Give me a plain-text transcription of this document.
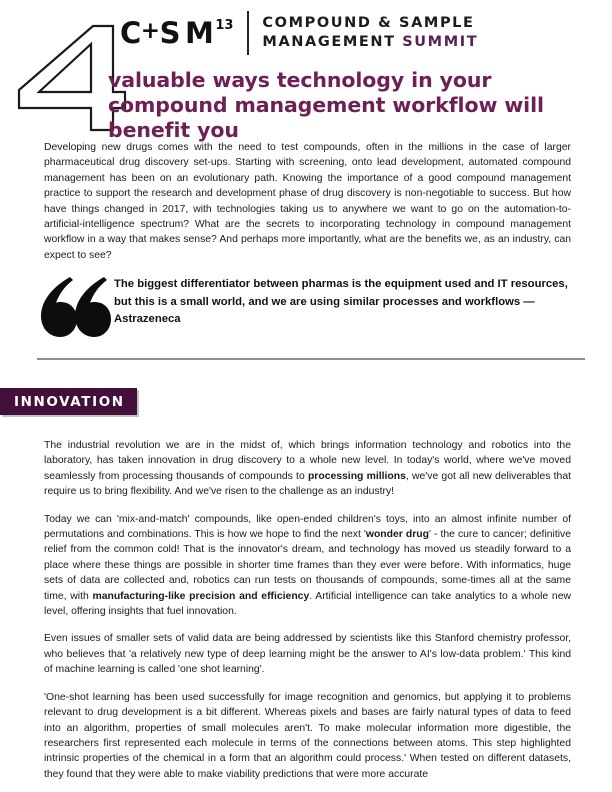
C + S M 13 COMPOUND & SAMPLE
MANAGEMENT SUMMIT
valuable ways technology in your compound management workflow will benefit you
Developing new drugs comes with the need to test compounds, often in the millions in the case of larger pharmaceutical drug discovery set-ups. Starting with screening, onto lead development, automated compound management has been on an evolutionary path. Knowing the importance of a good compound management practice to support the research and development phase of drug discovery is non-negotiable to success. But how have things changed in 2017, with technologies taking us to anywhere we want to go on the automation-to-artificial-intelligence spectrum? What are the secrets to incorporating technology in compound management workflow in a way that makes sense? And perhaps more importantly, what are the benefits we, as an industry, can expect to see?
The biggest differentiator between pharmas is the equipment used and IT resources, but this is a small world, and we are using similar processes and workflows — Astrazeneca
INNOVATION

The industrial revolution we are in the midst of, which brings information technology and robotics into the laboratory, has taken innovation in drug discovery to a whole new level. In today's world, where we've moved seamlessly from processing thousands of compounds to processing millions, we've got all new deliverables that require us to bring flexibility. And we've risen to the challenge as an industry!

Today we can 'mix-and-match' compounds, like open-ended children's toys, into an almost infinite number of permutations and combinations. This is how we hope to find the next 'wonder drug' - the cure to cancer; definitive relief from the common cold! That is the innovator's dream, and technology has moved us steadily forward to a place where these things are possible in shorter time frames than they ever were before. With informatics, huge sets of data are collected and, robotics can run tests on thousands of compounds, some-times all at the same time, with manufacturing-like precision and efficiency. Artificial intelligence can take analytics to a whole new level, offering insights that fuel innovation.

Even issues of smaller sets of valid data are being addressed by scientists like this Stanford chemistry professor, who believes that 'a relatively new type of deep learning might be the answer to AI's low-data problem.' This kind of machine learning is called 'one shot learning'.

'One-shot learning has been used successfully for image recognition and genomics, but applying it to problems relevant to drug development is a bit different. Whereas pixels and bases are fairly natural types of data to feed into an algorithm, properties of small molecules aren't. To make molecular information more digestible, the researchers first represented each molecule in terms of the connections between atoms. This step highlighted intrinsic properties of the chemical in a form that an algorithm could process.' When tested on different datasets, they found that they were able to make viability predictions that were more accurate
